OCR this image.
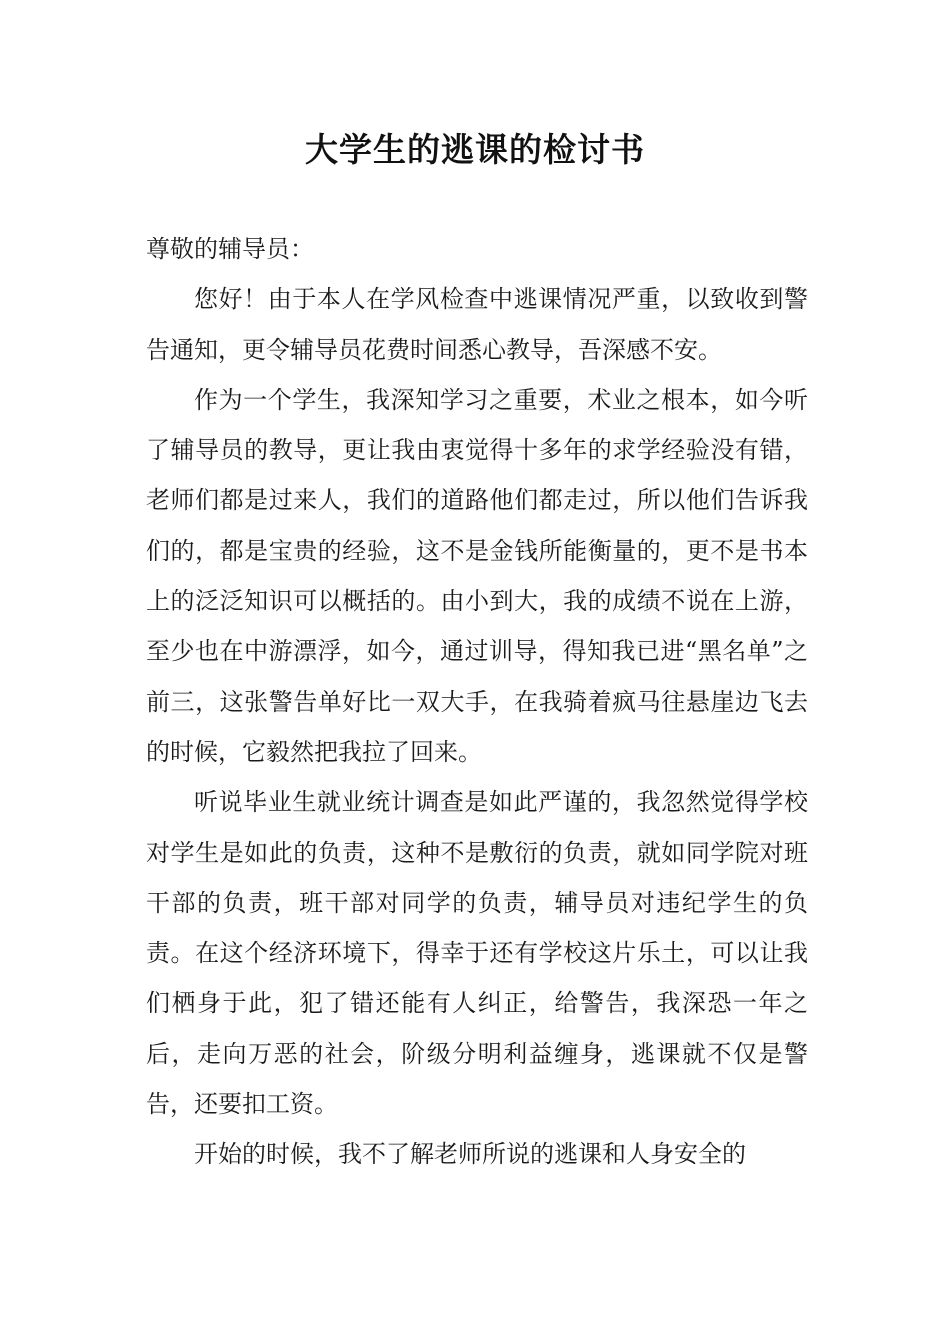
大学生的逃课的检讨书

尊敬的辅导员：

您好！由于本人在学风检查中逃课情况严重，以致收到警告通知，更令辅导员花费时间悉心教导，吾深感不安。

作为一个学生，我深知学习之重要，术业之根本，如今听了辅导员的教导，更让我由衷觉得十多年的求学经验没有错，老师们都是过来人，我们的道路他们都走过，所以他们告诉我们的，都是宝贵的经验，这不是金钱所能衡量的，更不是书本上的泛泛知识可以概括的。由小到大，我的成绩不说在上游，至少也在中游漂浮，如今，通过训导，得知我已进“黑名单”之前三，这张警告单好比一双大手，在我骑着疯马往悬崖边飞去的时候，它毅然把我拉了回来。

听说毕业生就业统计调查是如此严谨的，我忽然觉得学校对学生是如此的负责，这种不是敷衍的负责，就如同学院对班干部的负责，班干部对同学的负责，辅导员对违纪学生的负责。在这个经济环境下，得幸于还有学校这片乐土，可以让我们栖身于此，犯了错还能有人纠正，给警告，我深恐一年之后，走向万恶的社会，阶级分明利益缠身，逃课就不仅是警告，还要扣工资。

开始的时候，我不了解老师所说的逃课和人身安全的
